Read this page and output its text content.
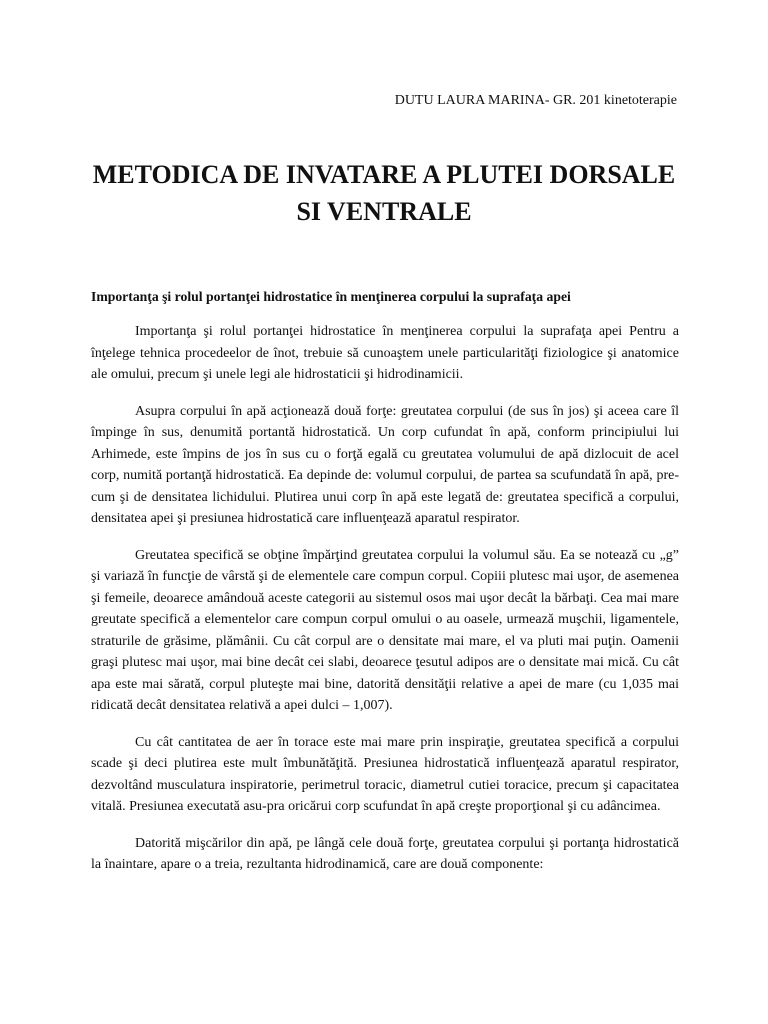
DUTU LAURA MARINA- GR. 201 kinetoterapie
METODICA DE INVATARE A PLUTEI DORSALE SI VENTRALE
Importanţa şi rolul portanţei hidrostatice în menţinerea corpului la suprafaţa apei

Importanţa şi rolul portanţei hidrostatice în menţinerea corpului la suprafaţa apei Pentru a înţelege tehnica procedeelor de înot, trebuie să cunoaştem unele particularităţi fiziologice şi anatomice ale omului, precum şi unele legi ale hidrostaticii şi hidrodinamicii.

Asupra corpului în apă acţionează două forţe: greutatea corpului (de sus în jos) şi aceea care îl împinge în sus, denumită portantă hidrostatică. Un corp cufundat în apă, conform principiului lui Arhimede, este împins de jos în sus cu o forţă egală cu greutatea volumului de apă dizlocuit de acel corp, numită portanţă hidrostatică. Ea depinde de: volumul corpului, de partea sa scufundată în apă, pre-cum şi de densitatea lichidului. Plutirea unui corp în apă este legată de: greutatea specifică a corpului, densitatea apei şi presiunea hidrostatică care influenţează aparatul respirator.

Greutatea specifică se obţine împărţind greutatea corpului la volumul său. Ea se notează cu „g” şi variază în funcţie de vârstă şi de elementele care compun corpul. Copiii plutesc mai uşor, de asemenea şi femeile, deoarece amândouă aceste categorii au sistemul osos mai uşor decât la bărbaţi. Cea mai mare greutate specifică a elementelor care compun corpul omului o au oasele, urmează muşchii, ligamentele, straturile de grăsime, plămânii. Cu cât corpul are o densitate mai mare, el va pluti mai puţin. Oamenii graşi plutesc mai uşor, mai bine decât cei slabi, deoarece ţesutul adipos are o densitate mai mică. Cu cât apa este mai sărată, corpul pluteşte mai bine, datorită densităţii relative a apei de mare (cu 1,035 mai ridicată decât densitatea relativă a apei dulci – 1,007).

Cu cât cantitatea de aer în torace este mai mare prin inspiraţie, greutatea specifică a corpului scade şi deci plutirea este mult îmbunătăţită. Presiunea hidrostatică influenţează aparatul respirator, dezvoltând musculatura inspiratorie, perimetrul toracic, diametrul cutiei toracice, precum şi capacitatea vitală. Presiunea executată asu-pra oricărui corp scufundat în apă creşte proporţional şi cu adâncimea.

Datorită mişcărilor din apă, pe lângă cele două forţe, greutatea corpului şi portanţa hidrostatică la înaintare, apare o a treia, rezultanta hidrodinamică, care are două componente:
